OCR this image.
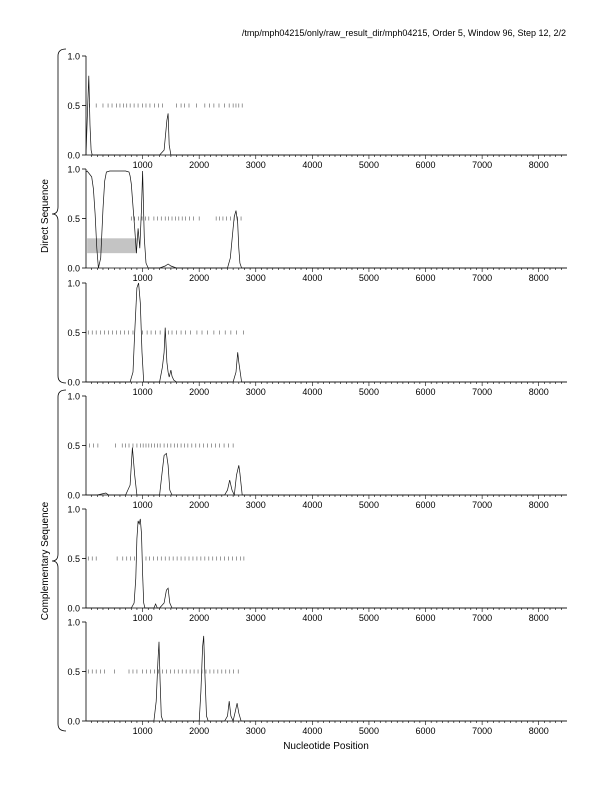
/tmp/mph04215/only/raw_result_dir/mph04215, Order 5, Window 96, Step 12, 2/2
Direct Sequence
Complementary Sequence
0.0
0.5
1.0
1000	2000	3000	4000	5000	6000	7000	8000
0.0
0.5
1.0
1000	2000	3000	4000	5000	6000	7000	8000
0.0
0.5
1.0
1000	2000	3000	4000	5000	6000	7000	8000
0.0
0.5
1.0
1000	2000	3000	4000	5000	6000	7000	8000
0.0
0.5
1.0
1000	2000	3000	4000	5000	6000	7000	8000
0.0
0.5
1.0
1000	2000	3000	4000	5000	6000	7000	8000
Nucleotide Position
